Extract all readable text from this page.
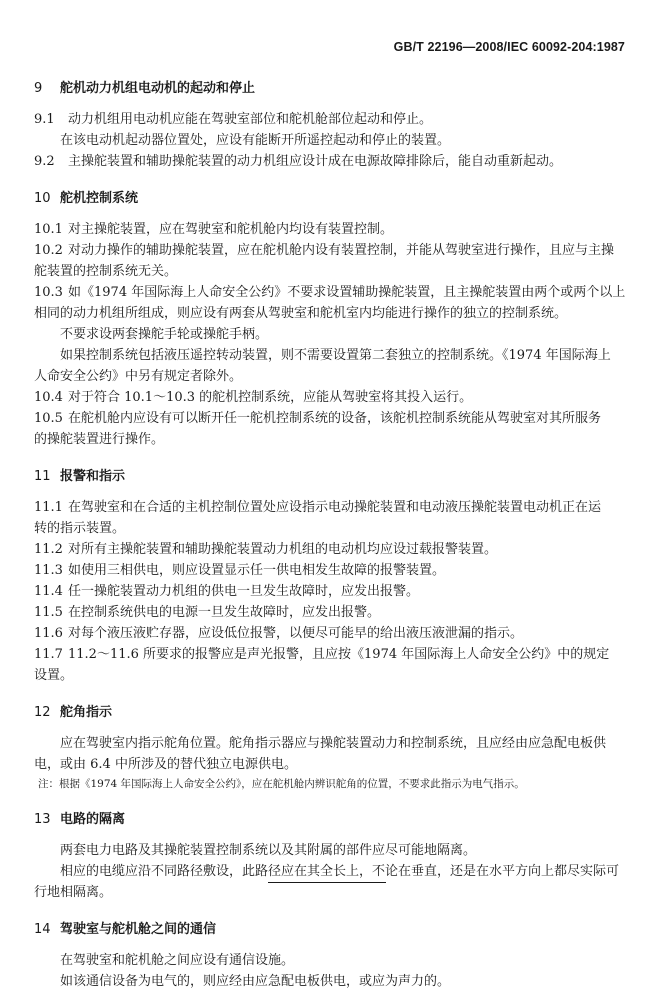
GB/T 22196—2008/IEC 60092-204:1987
9 舵机动力机组电动机的起动和停止
9.1 动力机组用电动机应能在驾驶室部位和舵机舱部位起动和停止。
在该电动机起动器位置处，应设有能断开所遥控起动和停止的装置。
9.2 主操舵装置和辅助操舵装置的动力机组应设计成在电源故障排除后，能自动重新起动。
10 舵机控制系统
10.1 对主操舵装置，应在驾驶室和舵机舱内均设有装置控制。
10.2 对动力操作的辅助操舵装置，应在舵机舱内设有装置控制，并能从驾驶室进行操作，且应与主操
舵装置的控制系统无关。
10.3 如《1974 年国际海上人命安全公约》不要求设置辅助操舵装置，且主操舵装置由两个或两个以上
相同的动力机组所组成，则应设有两套从驾驶室和舵机室内均能进行操作的独立的控制系统。
不要求设两套操舵手轮或操舵手柄。
如果控制系统包括液压遥控转动装置，则不需要设置第二套独立的控制系统。《1974 年国际海上
人命安全公约》中另有规定者除外。
10.4 对于符合 10.1～10.3 的舵机控制系统，应能从驾驶室将其投入运行。
10.5 在舵机舱内应设有可以断开任一舵机控制系统的设备，该舵机控制系统能从驾驶室对其所服务
的操舵装置进行操作。
11 报警和指示
11.1 在驾驶室和在合适的主机控制位置处应设指示电动操舵装置和电动液压操舵装置电动机正在运
转的指示装置。
11.2 对所有主操舵装置和辅助操舵装置动力机组的电动机均应设过载报警装置。
11.3 如使用三相供电，则应设置显示任一供电相发生故障的报警装置。
11.4 任一操舵装置动力机组的供电一旦发生故障时，应发出报警。
11.5 在控制系统供电的电源一旦发生故障时，应发出报警。
11.6 对每个液压液贮存器，应设低位报警，以便尽可能早的给出液压液泄漏的指示。
11.7 11.2～11.6 所要求的报警应是声光报警，且应按《1974 年国际海上人命安全公约》中的规定
设置。
12 舵角指示
应在驾驶室内指示舵角位置。舵角指示器应与操舵装置动力和控制系统，且应经由应急配电板供
电，或由 6.4 中所涉及的替代独立电源供电。
注：根据《1974 年国际海上人命安全公约》，应在舵机舱内辨识舵角的位置，不要求此指示为电气指示。
13 电路的隔离
两套电力电路及其操舵装置控制系统以及其附属的部件应尽可能地隔离。
相应的电缆应沿不同路径敷设，此路径应在其全长上，不论在垂直，还是在水平方向上都尽实际可
行地相隔离。
14 驾驶室与舵机舱之间的通信
在驾驶室和舵机舱之间应设有通信设施。
如该通信设备为电气的，则应经由应急配电板供电，或应为声力的。
